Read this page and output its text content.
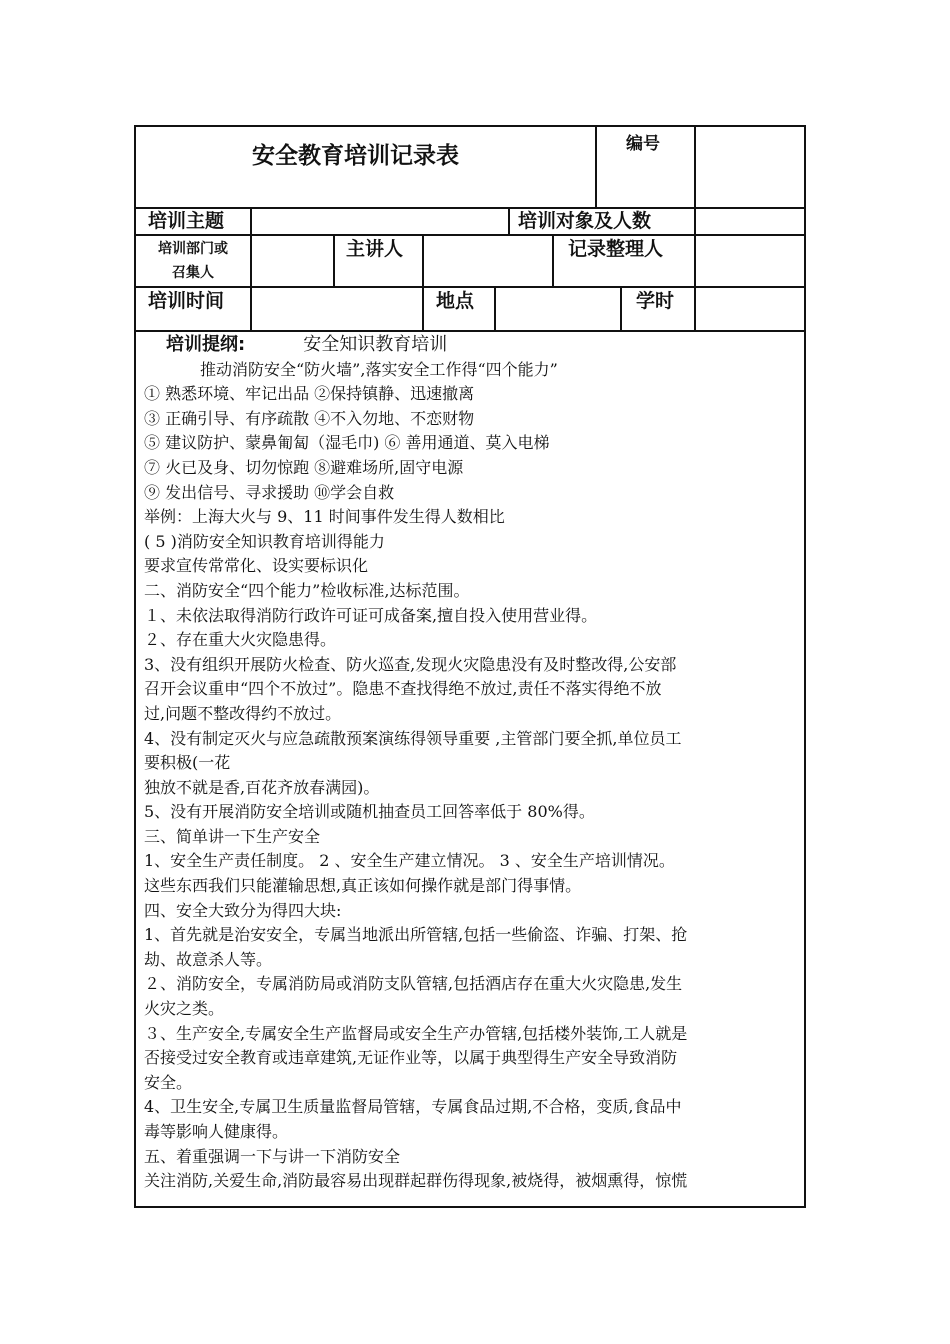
安全教育培训记录表	编号
培训主题	培训对象及人数
培训部门或
召集人
主讲人	记录整理人
培训时间	地点	学时
培训提纲:	安全知识教育培训
推动消防安全“防火墙”,落实安全工作得“四个能力”
① 熟悉环境、牢记出品 ②保持镇静、迅速撤离
③ 正确引导、有序疏散 ④不入勿地、不恋财物
⑤ 建议防护、蒙鼻匍匐（湿毛巾) ⑥ 善用通道、莫入电梯
⑦ 火已及身、切勿惊跑 ⑧避难场所,固守电源
⑨ 发出信号、寻求援助 ⑩学会自救
举例：上海大火与 9、11 时间事件发生得人数相比
( 5 )消防安全知识教育培训得能力
要求宣传常常化、设实要标识化
二、消防安全“四个能力”检收标准,达标范围。
１、未依法取得消防行政许可证可成备案,擅自投入使用营业得。
２、存在重大火灾隐患得。
3、没有组织开展防火检查、防火巡查,发现火灾隐患没有及时整改得,公安部
召开会议重申“四个不放过”。隐患不查找得绝不放过,责任不落实得绝不放
过,问题不整改得约不放过。
4、没有制定灭火与应急疏散预案演练得领导重要 ,主管部门要全抓,单位员工
要积极(一花
独放不就是香,百花齐放春满园)。
5、没有开展消防安全培训或随机抽查员工回答率低于 80%得。
三、简单讲一下生产安全
1、安全生产责任制度。 2 、安全生产建立情况。 3 、安全生产培训情况。
这些东西我们只能灌输思想,真正该如何操作就是部门得事情。
四、安全大致分为得四大块:
1、首先就是治安安全，专属当地派出所管辖,包括一些偷盗、诈骗、打架、抢
劫、故意杀人等。
２、消防安全，专属消防局或消防支队管辖,包括酒店存在重大火灾隐患,发生
火灾之类。
３、生产安全,专属安全生产监督局或安全生产办管辖,包括楼外装饰,工人就是
否接受过安全教育或违章建筑,无证作业等，以属于典型得生产安全导致消防
安全。
4、卫生安全,专属卫生质量监督局管辖，专属食品过期,不合格，变质,食品中
毒等影响人健康得。
五、着重强调一下与讲一下消防安全
关注消防,关爱生命,消防最容易出现群起群伤得现象,被烧得，被烟熏得，惊慌
